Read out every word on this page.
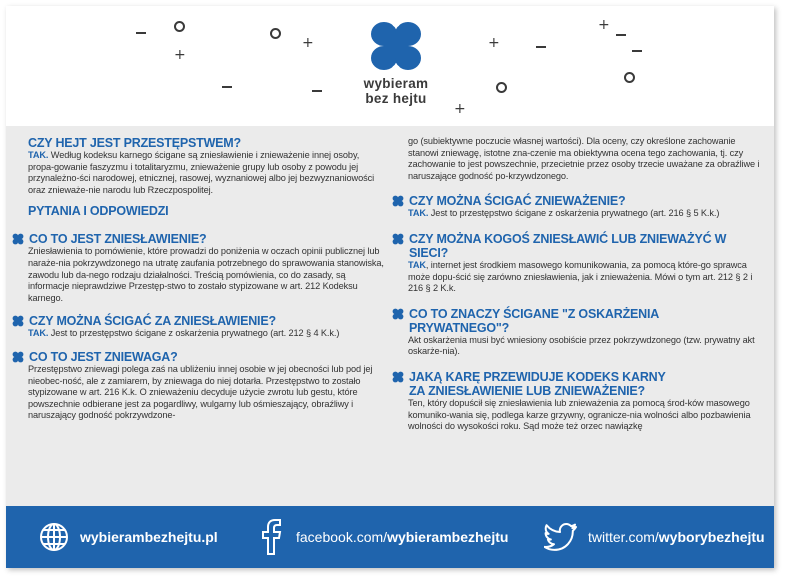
+
+
+
+
+
wybieram
bez hejtu
CZY HEJT JEST PRZESTĘPSTWEM?
TAK. Według kodeksu karnego ścigane są zniesławienie i znieważenie innej osoby, propa-gowanie faszyzmu i totalitaryzmu, znieważenie grupy lub osoby z powodu jej przynależno-ści narodowej, etnicznej, rasowej, wyznaniowej albo jej bezwyznaniowości oraz znieważe-nie narodu lub Rzeczpospolitej.
PYTANIA I ODPOWIEDZI
CO TO JEST ZNIESŁAWIENIE?
Zniesławienia to pomówienie, które prowadzi do poniżenia w oczach opinii publicznej lub naraże-nia pokrzywdzonego na utratę zaufania potrzebnego do sprawowania stanowiska, zawodu lub da-nego rodzaju działalności. Treścią pomówienia, co do zasady, są informacje nieprawdziwe Przestęp-stwo to zostało stypizowane w art. 212 Kodeksu karnego.
CZY MOŻNA ŚCIGAĆ ZA ZNIESŁAWIENIE?
TAK. Jest to przestępstwo ścigane z oskarżenia prywatnego (art. 212 § 4 K.k.)
CO TO JEST ZNIEWAGA?
Przestępstwo zniewagi polega zaś na ubliżeniu innej osobie w jej obecności lub pod jej nieobec-ność, ale z zamiarem, by zniewaga do niej dotarła. Przestępstwo to zostało stypizowane w art. 216 K.k. O znieważeniu decyduje użycie zwrotu lub gestu, które powszechnie odbierane jest za pogardliwy, wulgarny lub ośmieszający, obraźliwy i naruszający godność pokrzywdzone-
go (subiektywne poczucie własnej wartości). Dla oceny, czy określone zachowanie stanowi zniewagę, istotne zna-czenie ma obiektywna ocena tego zachowania, tj. czy zachowanie to jest powszechnie, przecietnie przez osoby trzecie uważane za obraźliwe i naruszające godność po-krzywdzonego.
CZY MOŻNA ŚCIGAĆ ZNIEWAŻENIE?
TAK. Jest to przestępstwo ścigane z oskarżenia prywatnego (art. 216 § 5 K.k.)
CZY MOŻNA KOGOŚ ZNIESŁAWIĆ LUB ZNIEWAŻYĆ W SIECI?
TAK, internet jest środkiem masowego komunikowania, za pomocą które-go sprawca może dopu-ścić się zarówno zniesławienia, jak i znieważenia. Mówi o tym art. 212 § 2 i 216 § 2 K.k.
CO TO ZNACZY ŚCIGANE "Z OSKARŻENIA PRYWATNEGO"?
Akt oskarżenia musi być wniesiony osobiście przez pokrzywdzonego (tzw. prywatny akt oskarże-nia).
JAKĄ KARĘ PRZEWIDUJE KODEKS KARNY
ZA ZNIESŁAWIENIE LUB ZNIEWAŻENIE?
Ten, który dopuścił się zniesławienia lub znieważenia za pomocą środ-ków masowego komuniko-wania się, podlega karze grzywny, ogranicze-nia wolności albo pozbawienia wolności do wysokości roku. Sąd może też orzec nawiązkę
wybierambezhejtu.pl	facebook.com/wybierambezhejtu	twitter.com/wyborybezhejtu
